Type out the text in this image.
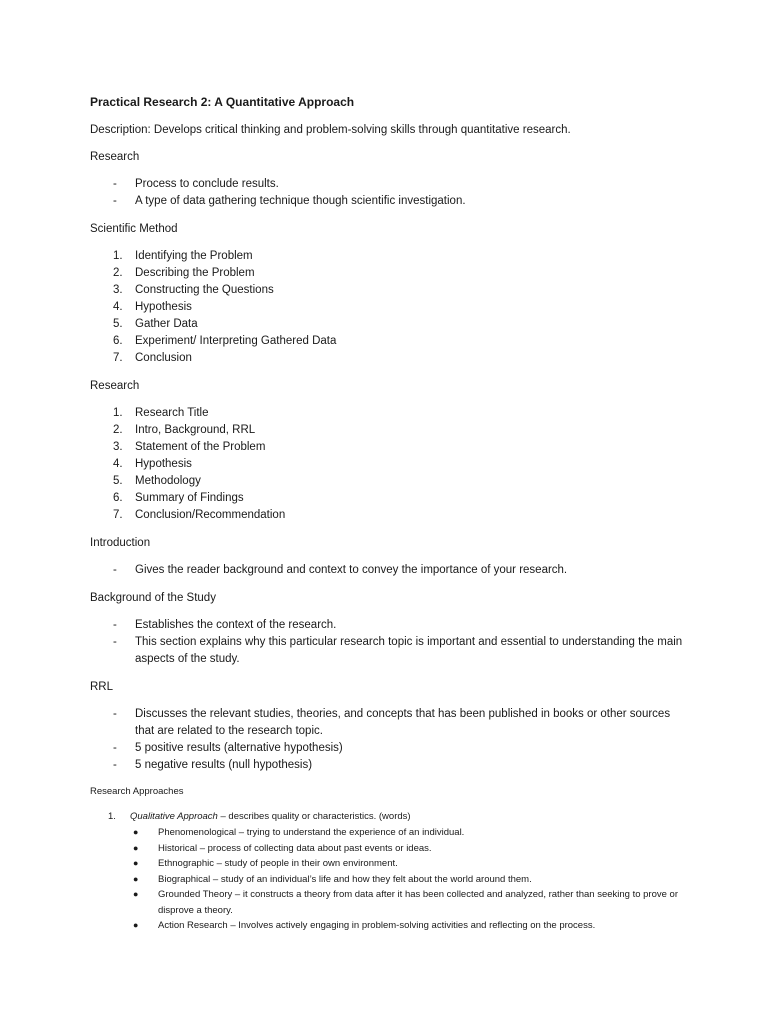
Practical Research 2: A Quantitative Approach
Description: Develops critical thinking and problem-solving skills through quantitative research.
Research
- Process to conclude results.
- A type of data gathering technique though scientific investigation.
Scientific Method
1. Identifying the Problem
2. Describing the Problem
3. Constructing the Questions
4. Hypothesis
5. Gather Data
6. Experiment/ Interpreting Gathered Data
7. Conclusion
Research
1. Research Title
2. Intro, Background, RRL
3. Statement of the Problem
4. Hypothesis
5. Methodology
6. Summary of Findings
7. Conclusion/Recommendation
Introduction
- Gives the reader background and context to convey the importance of your research.
Background of the Study
- Establishes the context of the research.
- This section explains why this particular research topic is important and essential to understanding the main aspects of the study.
RRL
- Discusses the relevant studies, theories, and concepts that has been published in books or other sources that are related to the research topic.
- 5 positive results (alternative hypothesis)
- 5 negative results (null hypothesis)
Research Approaches
1. Qualitative Approach – describes quality or characteristics. (words)
● Phenomenological – trying to understand the experience of an individual.
● Historical – process of collecting data about past events or ideas.
● Ethnographic – study of people in their own environment.
● Biographical – study of an individual’s life and how they felt about the world around them.
● Grounded Theory – it constructs a theory from data after it has been collected and analyzed, rather than seeking to prove or disprove a theory.
● Action Research – Involves actively engaging in problem-solving activities and reflecting on the process.
